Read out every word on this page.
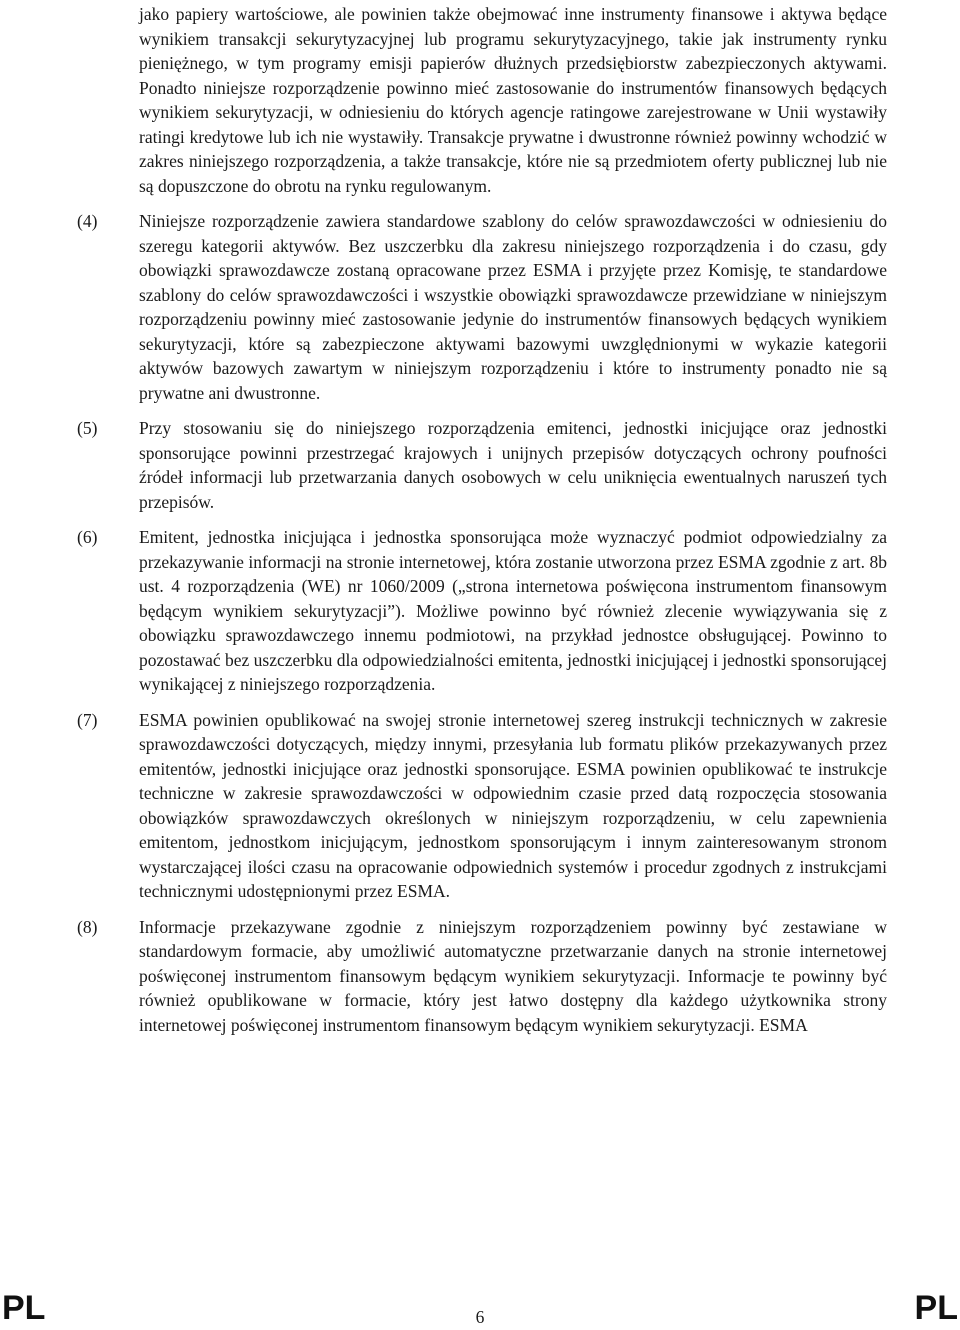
jako papiery wartościowe, ale powinien także obejmować inne instrumenty finansowe i aktywa będące wynikiem transakcji sekurytyzacyjnej lub programu sekurytyzacyjnego, takie jak instrumenty rynku pieniężnego, w tym programy emisji papierów dłużnych przedsiębiorstw zabezpieczonych aktywami. Ponadto niniejsze rozporządzenie powinno mieć zastosowanie do instrumentów finansowych będących wynikiem sekurytyzacji, w odniesieniu do których agencje ratingowe zarejestrowane w Unii wystawiły ratingi kredytowe lub ich nie wystawiły. Transakcje prywatne i dwustronne również powinny wchodzić w zakres niniejszego rozporządzenia, a także transakcje, które nie są przedmiotem oferty publicznej lub nie są dopuszczone do obrotu na rynku regulowanym.
(4)	Niniejsze rozporządzenie zawiera standardowe szablony do celów sprawozdawczości w odniesieniu do szeregu kategorii aktywów. Bez uszczerbku dla zakresu niniejszego rozporządzenia i do czasu, gdy obowiązki sprawozdawcze zostaną opracowane przez ESMA i przyjęte przez Komisję, te standardowe szablony do celów sprawozdawczości i wszystkie obowiązki sprawozdawcze przewidziane w niniejszym rozporządzeniu powinny mieć zastosowanie jedynie do instrumentów finansowych będących wynikiem sekurytyzacji, które są zabezpieczone aktywami bazowymi uwzględnionymi w wykazie kategorii aktywów bazowych zawartym w niniejszym rozporządzeniu i które to instrumenty ponadto nie są prywatne ani dwustronne.
(5)	Przy stosowaniu się do niniejszego rozporządzenia emitenci, jednostki inicjujące oraz jednostki sponsorujące powinni przestrzegać krajowych i unijnych przepisów dotyczących ochrony poufności źródeł informacji lub przetwarzania danych osobowych w celu uniknięcia ewentualnych naruszeń tych przepisów.
(6)	Emitent, jednostka inicjująca i jednostka sponsorująca może wyznaczyć podmiot odpowiedzialny za przekazywanie informacji na stronie internetowej, która zostanie utworzona przez ESMA zgodnie z art. 8b ust. 4 rozporządzenia (WE) nr 1060/2009 („strona internetowa poświęcona instrumentom finansowym będącym wynikiem sekurytyzacji”). Możliwe powinno być również zlecenie wywiązywania się z obowiązku sprawozdawczego innemu podmiotowi, na przykład jednostce obsługującej. Powinno to pozostawać bez uszczerbku dla odpowiedzialności emitenta, jednostki inicjującej i jednostki sponsorującej wynikającej z niniejszego rozporządzenia.
(7)	ESMA powinien opublikować na swojej stronie internetowej szereg instrukcji technicznych w zakresie sprawozdawczości dotyczących, między innymi, przesyłania lub formatu plików przekazywanych przez emitentów, jednostki inicjujące oraz jednostki sponsorujące. ESMA powinien opublikować te instrukcje techniczne w zakresie sprawozdawczości w odpowiednim czasie przed datą rozpoczęcia stosowania obowiązków sprawozdawczych określonych w niniejszym rozporządzeniu, w celu zapewnienia emitentom, jednostkom inicjującym, jednostkom sponsorującym i innym zainteresowanym stronom wystarczającej ilości czasu na opracowanie odpowiednich systemów i procedur zgodnych z instrukcjami technicznymi udostępnionymi przez ESMA.
(8)	Informacje przekazywane zgodnie z niniejszym rozporządzeniem powinny być zestawiane w standardowym formacie, aby umożliwić automatyczne przetwarzanie danych na stronie internetowej poświęconej instrumentom finansowym będącym wynikiem sekurytyzacji. Informacje te powinny być również opublikowane w formacie, który jest łatwo dostępny dla każdego użytkownika strony internetowej poświęconej instrumentom finansowym będącym wynikiem sekurytyzacji. ESMA
PL	6	PL
